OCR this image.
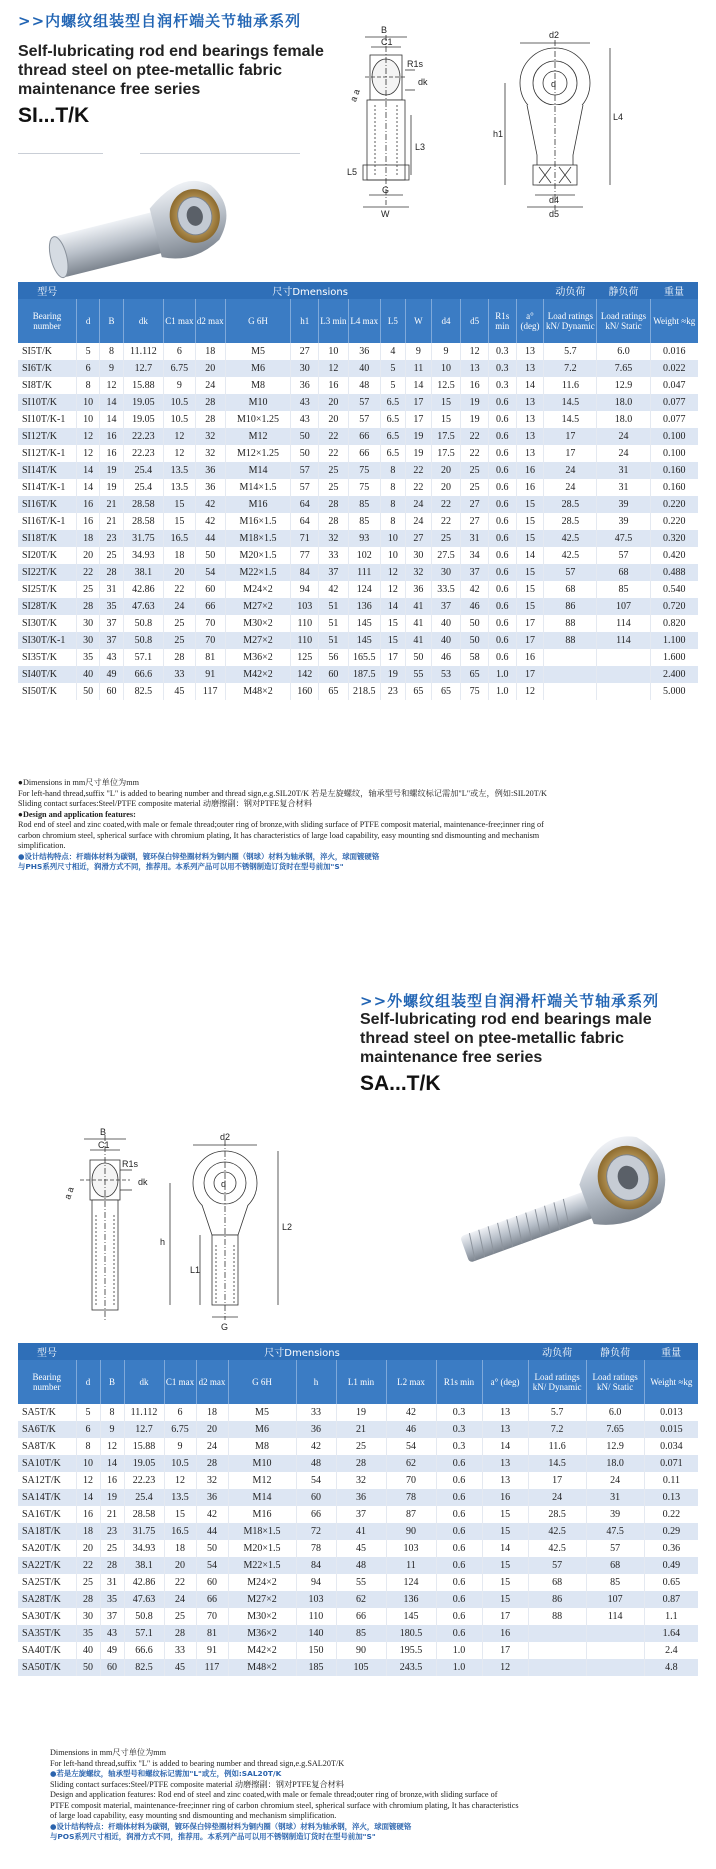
>>内螺纹组装型自润杆端关节轴承系列
Self-lubricating rod end bearings female
thread steel on ptee-metallic fabric
maintenance free series
SI...T/K
B
C1
R1s
dk
a a
L3
L5
G
W
d2
h1
L4
d4
d5
d
型号	尺寸Dmensions															动负荷	静负荷	重量
Bearing number	d	B	dk	C1 max	d2 max	G 6H	h1	L3 min	L4 max	L5	W	d4	d5	R1s min	a° (deg)	Load ratings kN/ Dynamic	Load ratings kN/ Static	Weight ≈kg
SI5T/K	5	8	11.112	6	18	M5	27	10	36	4	9	9	12	0.3	13	5.7	6.0	0.016
SI6T/K	6	9	12.7	6.75	20	M6	30	12	40	5	11	10	13	0.3	13	7.2	7.65	0.022
SI8T/K	8	12	15.88	9	24	M8	36	16	48	5	14	12.5	16	0.3	14	11.6	12.9	0.047
SI10T/K	10	14	19.05	10.5	28	M10	43	20	57	6.5	17	15	19	0.6	13	14.5	18.0	0.077
SI10T/K-1	10	14	19.05	10.5	28	M10×1.25	43	20	57	6.5	17	15	19	0.6	13	14.5	18.0	0.077
SI12T/K	12	16	22.23	12	32	M12	50	22	66	6.5	19	17.5	22	0.6	13	17	24	0.100
SI12T/K-1	12	16	22.23	12	32	M12×1.25	50	22	66	6.5	19	17.5	22	0.6	13	17	24	0.100
SI14T/K	14	19	25.4	13.5	36	M14	57	25	75	8	22	20	25	0.6	16	24	31	0.160
SI14T/K-1	14	19	25.4	13.5	36	M14×1.5	57	25	75	8	22	20	25	0.6	16	24	31	0.160
SI16T/K	16	21	28.58	15	42	M16	64	28	85	8	24	22	27	0.6	15	28.5	39	0.220
SI16T/K-1	16	21	28.58	15	42	M16×1.5	64	28	85	8	24	22	27	0.6	15	28.5	39	0.220
SI18T/K	18	23	31.75	16.5	44	M18×1.5	71	32	93	10	27	25	31	0.6	15	42.5	47.5	0.320
SI20T/K	20	25	34.93	18	50	M20×1.5	77	33	102	10	30	27.5	34	0.6	14	42.5	57	0.420
SI22T/K	22	28	38.1	20	54	M22×1.5	84	37	111	12	32	30	37	0.6	15	57	68	0.488
SI25T/K	25	31	42.86	22	60	M24×2	94	42	124	12	36	33.5	42	0.6	15	68	85	0.540
SI28T/K	28	35	47.63	24	66	M27×2	103	51	136	14	41	37	46	0.6	15	86	107	0.720
SI30T/K	30	37	50.8	25	70	M30×2	110	51	145	15	41	40	50	0.6	17	88	114	0.820
SI30T/K-1	30	37	50.8	25	70	M27×2	110	51	145	15	41	40	50	0.6	17	88	114	1.100
SI35T/K	35	43	57.1	28	81	M36×2	125	56	165.5	17	50	46	58	0.6	16			1.600
SI40T/K	40	49	66.6	33	91	M42×2	142	60	187.5	19	55	53	65	1.0	17			2.400
SI50T/K	50	60	82.5	45	117	M48×2	160	65	218.5	23	65	65	75	1.0	12			5.000
●Dimensions in mm尺寸单位为mm
For left-hand thread,suffix "L" is added to bearing number and thread sign,e.g.SIL20T/K 若是左旋螺纹，轴承型号和螺纹标记需加"L"或左，例如:SIL20T/K
Sliding contact surfaces:Steel/PTFE composite material 动磨擦副：钢对PTFE复合材料
●Design and application features:
Rod end of steel and zinc coated,with male or female thread;outer ring of bronze,with sliding surface of PTFE composit material, maintenance-free;inner ring of
carbon chromium steel, spherical surface with chromium plating, It has characteristics of large load capability, easy mounting snd dismounting and mechanism
simplification.
●设计结构特点：杆端体材料为碳钢，镀环保白锌垫圈材料为铜内圈（钢球）材料为轴承钢，淬火，球面镀硬铬
与PHS系列尺寸相近，润滑方式不同，推荐用。本系列产品可以用不锈钢制造订货时在型号前加"S"
>>外螺纹组装型自润滑杆端关节轴承系列
Self-lubricating rod end bearings male
thread steel on ptee-metallic fabric
maintenance free series
SA...T/K
B
C1
R1s
dk
a a
d2
h
L1
L2
G
d
型号	尺寸Dmensions											动负荷	静负荷	重量
Bearing number	d	B	dk	C1 max	d2 max	G 6H	h	L1 min	L2 max	R1s min	a° (deg)	Load ratings kN/ Dynamic	Load ratings kN/ Static	Weight ≈kg
SA5T/K	5	8	11.112	6	18	M5	33	19	42	0.3	13	5.7	6.0	0.013
SA6T/K	6	9	12.7	6.75	20	M6	36	21	46	0.3	13	7.2	7.65	0.015
SA8T/K	8	12	15.88	9	24	M8	42	25	54	0.3	14	11.6	12.9	0.034
SA10T/K	10	14	19.05	10.5	28	M10	48	28	62	0.6	13	14.5	18.0	0.071
SA12T/K	12	16	22.23	12	32	M12	54	32	70	0.6	13	17	24	0.11
SA14T/K	14	19	25.4	13.5	36	M14	60	36	78	0.6	16	24	31	0.13
SA16T/K	16	21	28.58	15	42	M16	66	37	87	0.6	15	28.5	39	0.22
SA18T/K	18	23	31.75	16.5	44	M18×1.5	72	41	90	0.6	15	42.5	47.5	0.29
SA20T/K	20	25	34.93	18	50	M20×1.5	78	45	103	0.6	14	42.5	57	0.36
SA22T/K	22	28	38.1	20	54	M22×1.5	84	48	11	0.6	15	57	68	0.49
SA25T/K	25	31	42.86	22	60	M24×2	94	55	124	0.6	15	68	85	0.65
SA28T/K	28	35	47.63	24	66	M27×2	103	62	136	0.6	15	86	107	0.87
SA30T/K	30	37	50.8	25	70	M30×2	110	66	145	0.6	17	88	114	1.1
SA35T/K	35	43	57.1	28	81	M36×2	140	85	180.5	0.6	16			1.64
SA40T/K	40	49	66.6	33	91	M42×2	150	90	195.5	1.0	17			2.4
SA50T/K	50	60	82.5	45	117	M48×2	185	105	243.5	1.0	12			4.8
Dimensions in mm尺寸单位为mm
For left-hand thread,suffix "L" is added to bearing number and thread sign,e.g.SAL20T/K
●若是左旋螺纹，轴承型号和螺纹标记需加"L"或左，例如:SAL20T/K
Sliding contact surfaces:Steel/PTFE composite material 动磨擦副：钢对PTFE复合材料
Design and application features: Rod end of steel and zinc coated,with male or female thread;outer ring of bronze,with sliding surface of
PTFE composit material, maintenance-free;inner ring of carbon chromium steel, spherical surface with chromium plating, It has characteristics
of large load capability, easy mounting snd dismounting and mechanism simplification.
●设计结构特点：杆端体材料为碳钢，镀环保白锌垫圈材料为铜内圈（钢球）材料为轴承钢，淬火，球面镀硬铬
与POS系列尺寸相近，润滑方式不同，推荐用。本系列产品可以用不锈钢制造订货时在型号前加"S"
